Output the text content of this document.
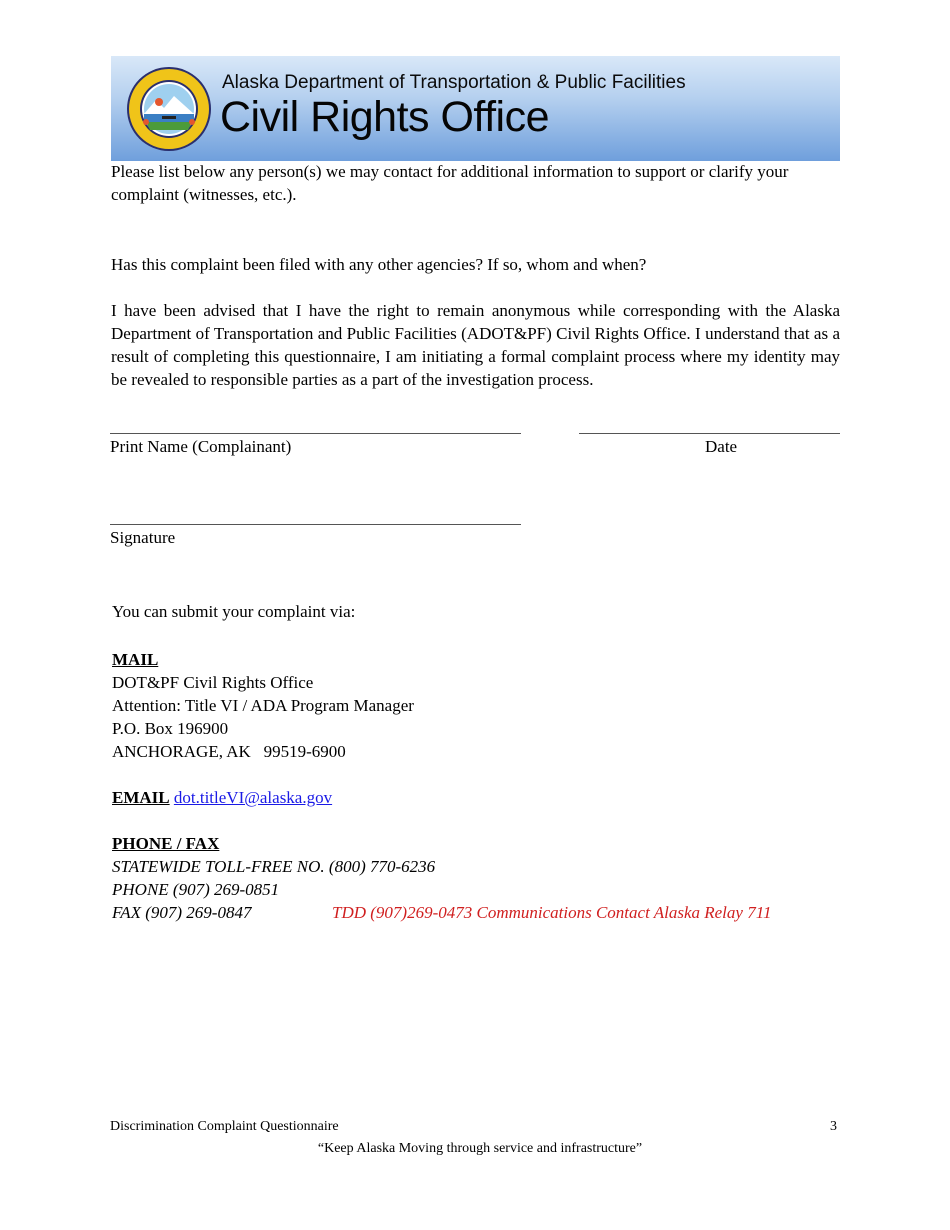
Alaska Department of Transportation & Public Facilities
Civil Rights Office
Please list below any person(s) we may contact for additional information to support or clarify your complaint (witnesses, etc.).
Has this complaint been filed with any other agencies? If so, whom and when?
I have been advised that I have the right to remain anonymous while corresponding with the Alaska Department of Transportation and Public Facilities (ADOT&PF) Civil Rights Office. I understand that as a result of completing this questionnaire, I am initiating a formal complaint process where my identity may be revealed to responsible parties as a part of the investigation process.
Print Name (Complainant)	Date
Signature
You can submit your complaint via:
MAIL
DOT&PF Civil Rights Office
Attention: Title VI / ADA Program Manager
P.O. Box 196900
ANCHORAGE, AK   99519-6900
EMAIL dot.titleVI@alaska.gov
PHONE / FAX
STATEWIDE TOLL-FREE NO. (800) 770-6236
PHONE (907) 269-0851
FAX (907) 269-0847	TDD (907)269-0473 Communications Contact Alaska Relay 711
Discrimination Complaint Questionnaire	3
“Keep Alaska Moving through service and infrastructure”
